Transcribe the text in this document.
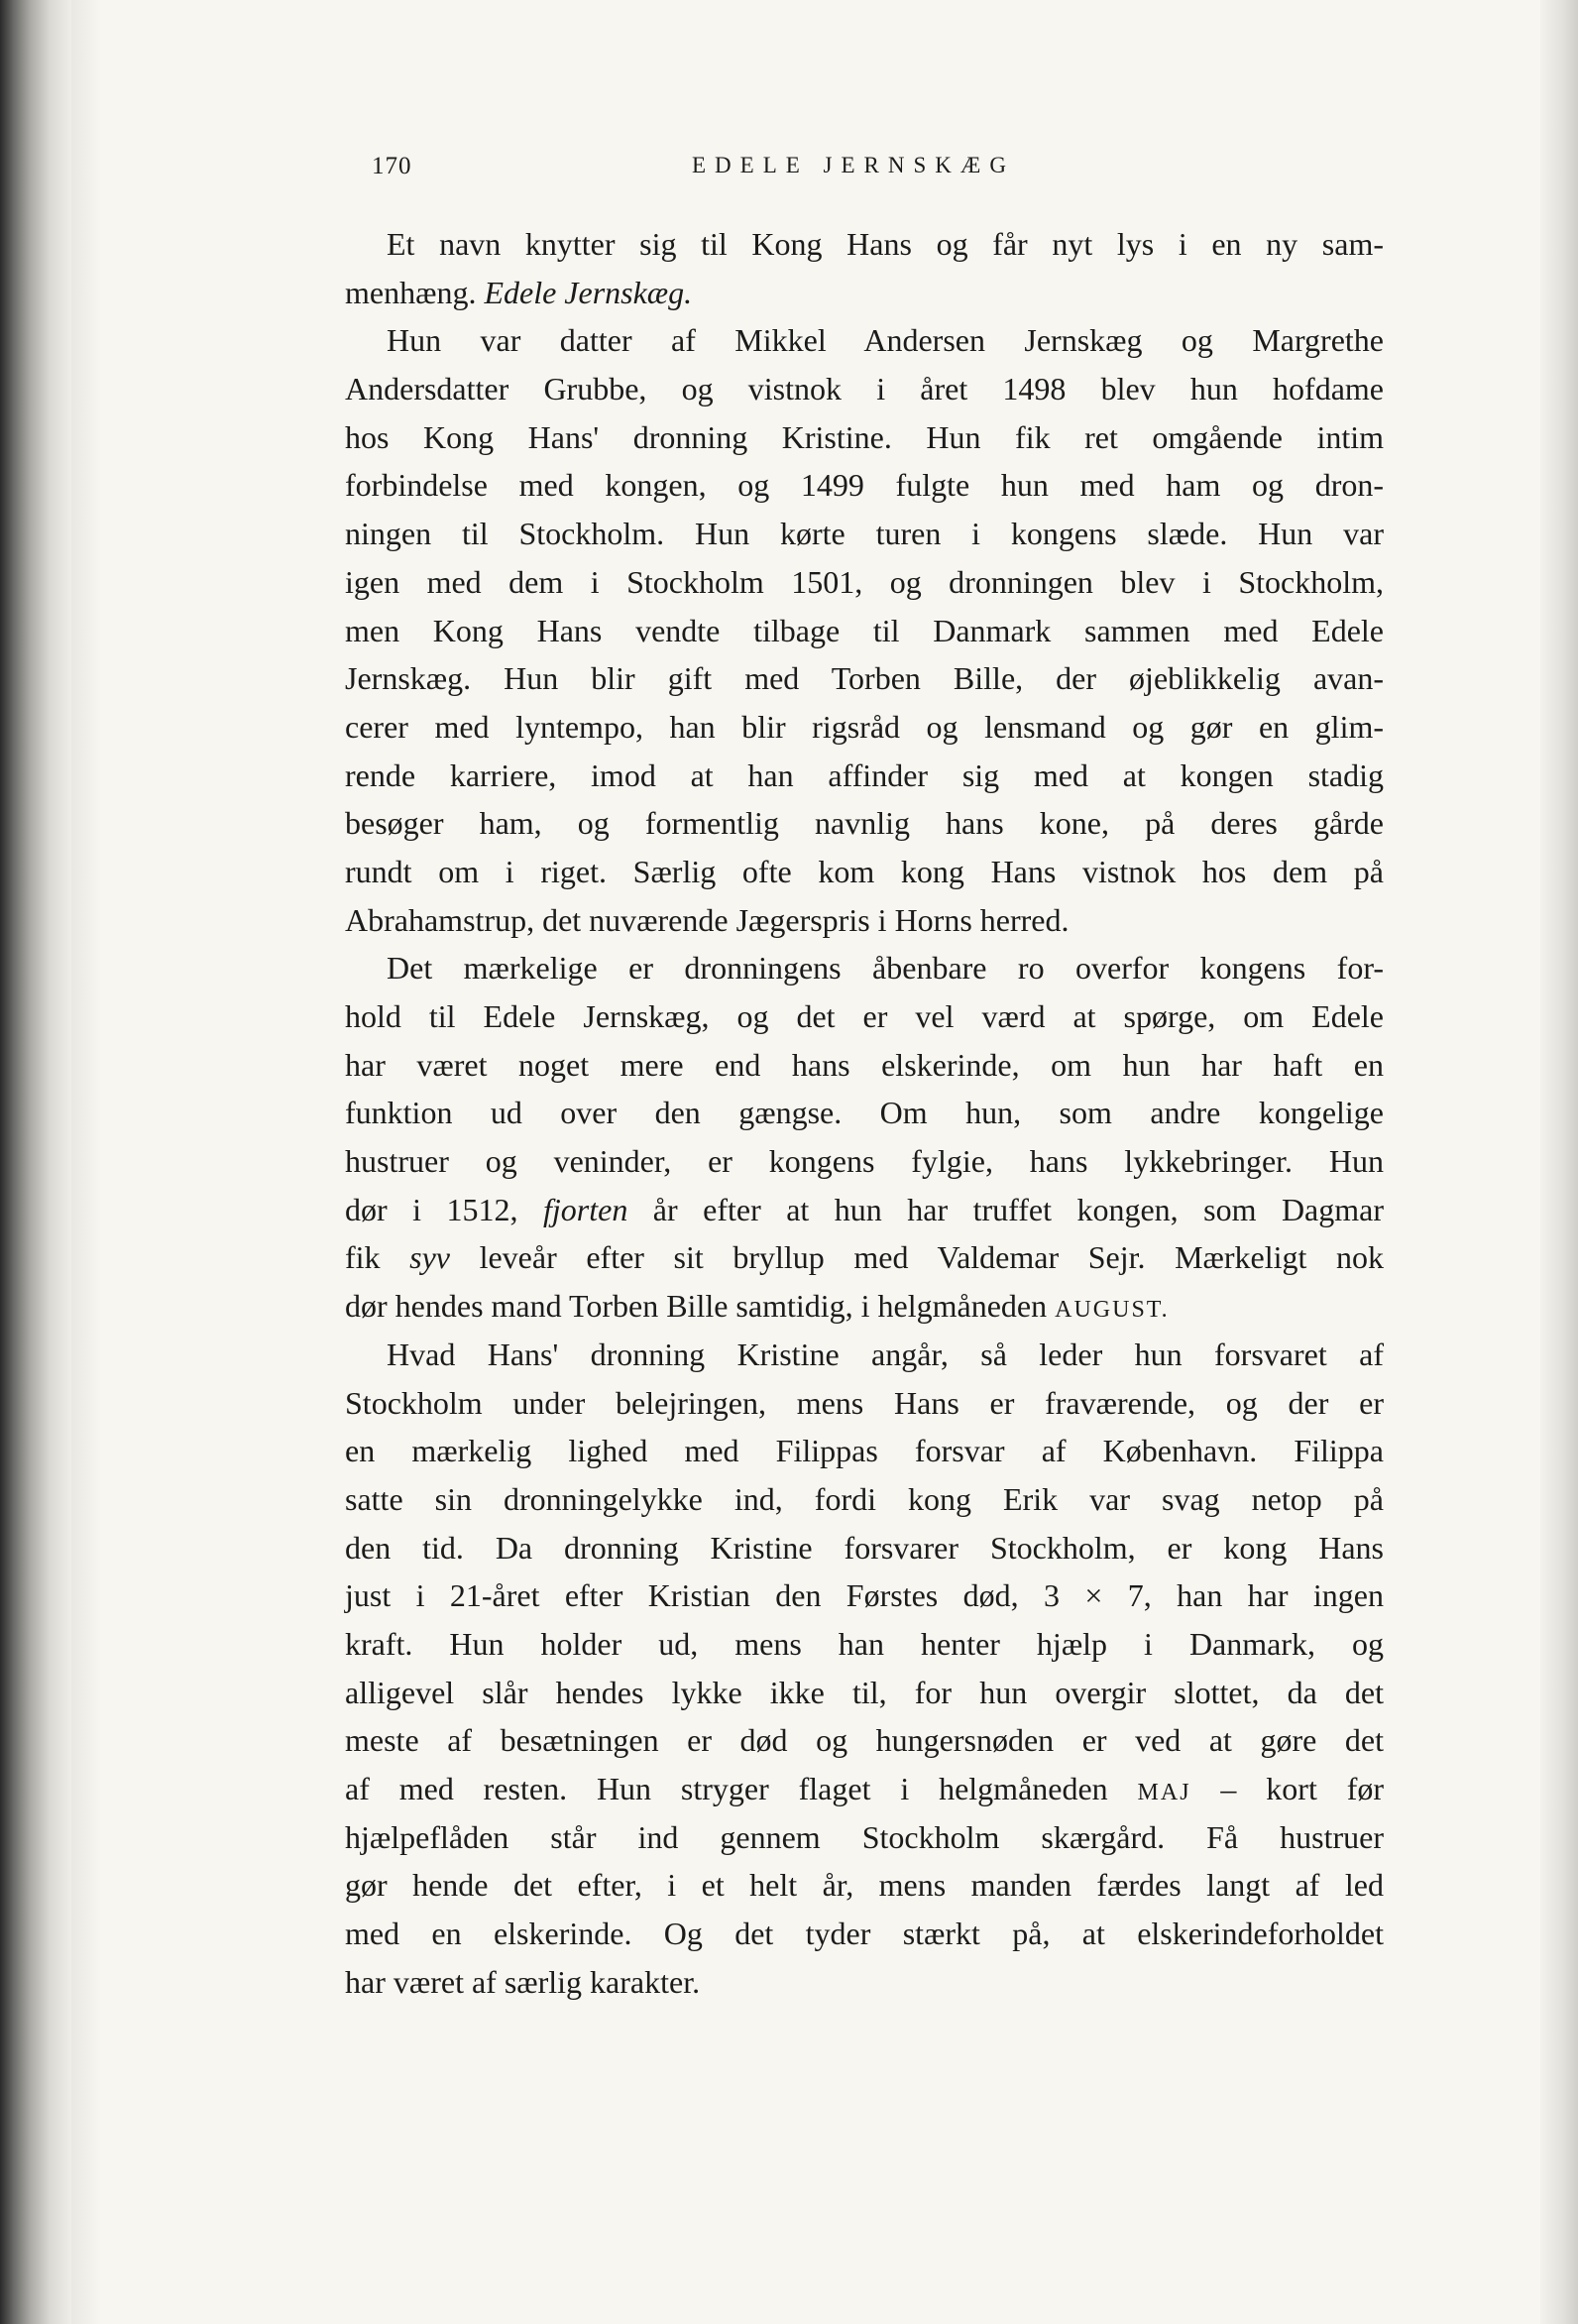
170	EDELE JERNSKÆG
Et navn knytter sig til Kong Hans og får nyt lys i en ny sam-
menhæng. Edele Jernskæg.
Hun var datter af Mikkel Andersen Jernskæg og Margrethe
Andersdatter Grubbe, og vistnok i året 1498 blev hun hofdame
hos Kong Hans' dronning Kristine. Hun fik ret omgående intim
forbindelse med kongen, og 1499 fulgte hun med ham og dron-
ningen til Stockholm. Hun kørte turen i kongens slæde. Hun var
igen med dem i Stockholm 1501, og dronningen blev i Stockholm,
men Kong Hans vendte tilbage til Danmark sammen med Edele
Jernskæg. Hun blir gift med Torben Bille, der øjeblikkelig avan-
cerer med lyntempo, han blir rigsråd og lensmand og gør en glim-
rende karriere, imod at han affinder sig med at kongen stadig
besøger ham, og formentlig navnlig hans kone, på deres gårde
rundt om i riget. Særlig ofte kom kong Hans vistnok hos dem på
Abrahamstrup, det nuværende Jægerspris i Horns herred.
Det mærkelige er dronningens åbenbare ro overfor kongens for-
hold til Edele Jernskæg, og det er vel værd at spørge, om Edele
har været noget mere end hans elskerinde, om hun har haft en
funktion ud over den gængse. Om hun, som andre kongelige
hustruer og veninder, er kongens fylgie, hans lykkebringer. Hun
dør i 1512, fjorten år efter at hun har truffet kongen, som Dagmar
fik syv leveår efter sit bryllup med Valdemar Sejr. Mærkeligt nok
dør hendes mand Torben Bille samtidig, i helgmåneden AUGUST.
Hvad Hans' dronning Kristine angår, så leder hun forsvaret af
Stockholm under belejringen, mens Hans er fraværende, og der er
en mærkelig lighed med Filippas forsvar af København. Filippa
satte sin dronningelykke ind, fordi kong Erik var svag netop på
den tid. Da dronning Kristine forsvarer Stockholm, er kong Hans
just i 21-året efter Kristian den Førstes død, 3 × 7, han har ingen
kraft. Hun holder ud, mens han henter hjælp i Danmark, og
alligevel slår hendes lykke ikke til, for hun overgir slottet, da det
meste af besætningen er død og hungersnøden er ved at gøre det
af med resten. Hun stryger flaget i helgmåneden MAJ – kort før
hjælpeflåden står ind gennem Stockholm skærgård. Få hustruer
gør hende det efter, i et helt år, mens manden færdes langt af led
med en elskerinde. Og det tyder stærkt på, at elskerindeforholdet
har været af særlig karakter.
